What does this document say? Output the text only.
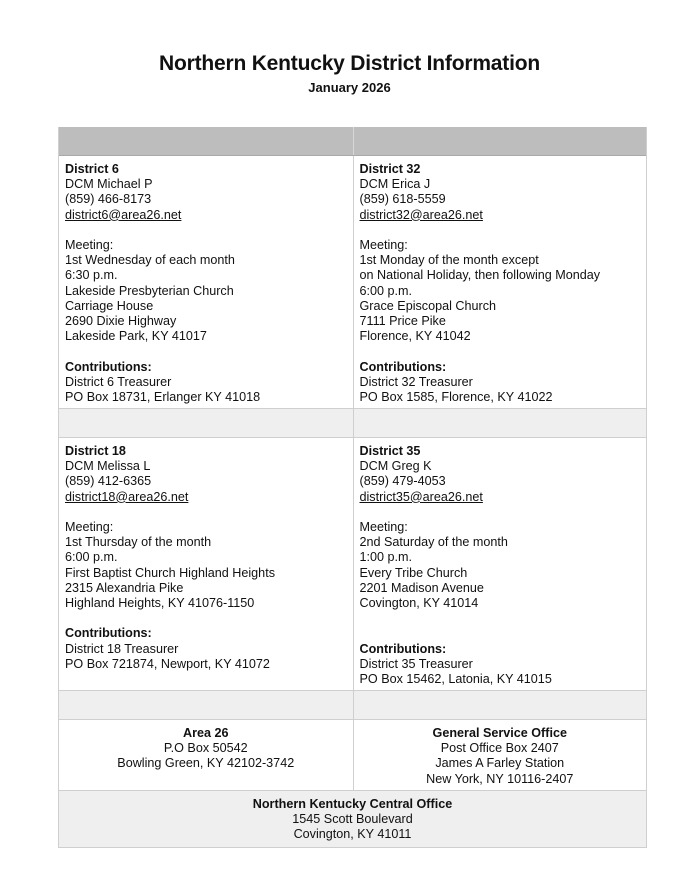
Northern Kentucky District Information
January 2026
District 6
DCM Michael P
(859) 466-8173
district6@area26.net
Meeting:
1st Wednesday of each month
6:30 p.m.
Lakeside Presbyterian Church
Carriage House
2690 Dixie Highway
Lakeside Park, KY 41017
Contributions:
District 6 Treasurer
PO Box 18731, Erlanger KY 41018
District 32
DCM Erica J
(859) 618-5559
district32@area26.net
Meeting:
1st Monday of the month except
on National Holiday, then following Monday
6:00 p.m.
Grace Episcopal Church
7111 Price Pike
Florence, KY 41042
Contributions:
District 32 Treasurer
PO Box 1585, Florence, KY 41022
District 18
DCM Melissa L
(859) 412-6365
district18@area26.net
Meeting:
1st Thursday of the month
6:00 p.m.
First Baptist Church Highland Heights
2315 Alexandria Pike
Highland Heights, KY 41076-1150
Contributions:
District 18 Treasurer
PO Box 721874, Newport, KY 41072
District 35
DCM Greg K
(859) 479-4053
district35@area26.net
Meeting:
2nd Saturday of the month
1:00 p.m.
Every Tribe Church
2201 Madison Avenue
Covington, KY 41014
Contributions:
District 35 Treasurer
PO Box 15462, Latonia, KY 41015
Area 26
P.O Box 50542
Bowling Green, KY 42102-3742
General Service Office
Post Office Box 2407
James A Farley Station
New York, NY 10116-2407
Northern Kentucky Central Office
1545 Scott Boulevard
Covington, KY 41011
